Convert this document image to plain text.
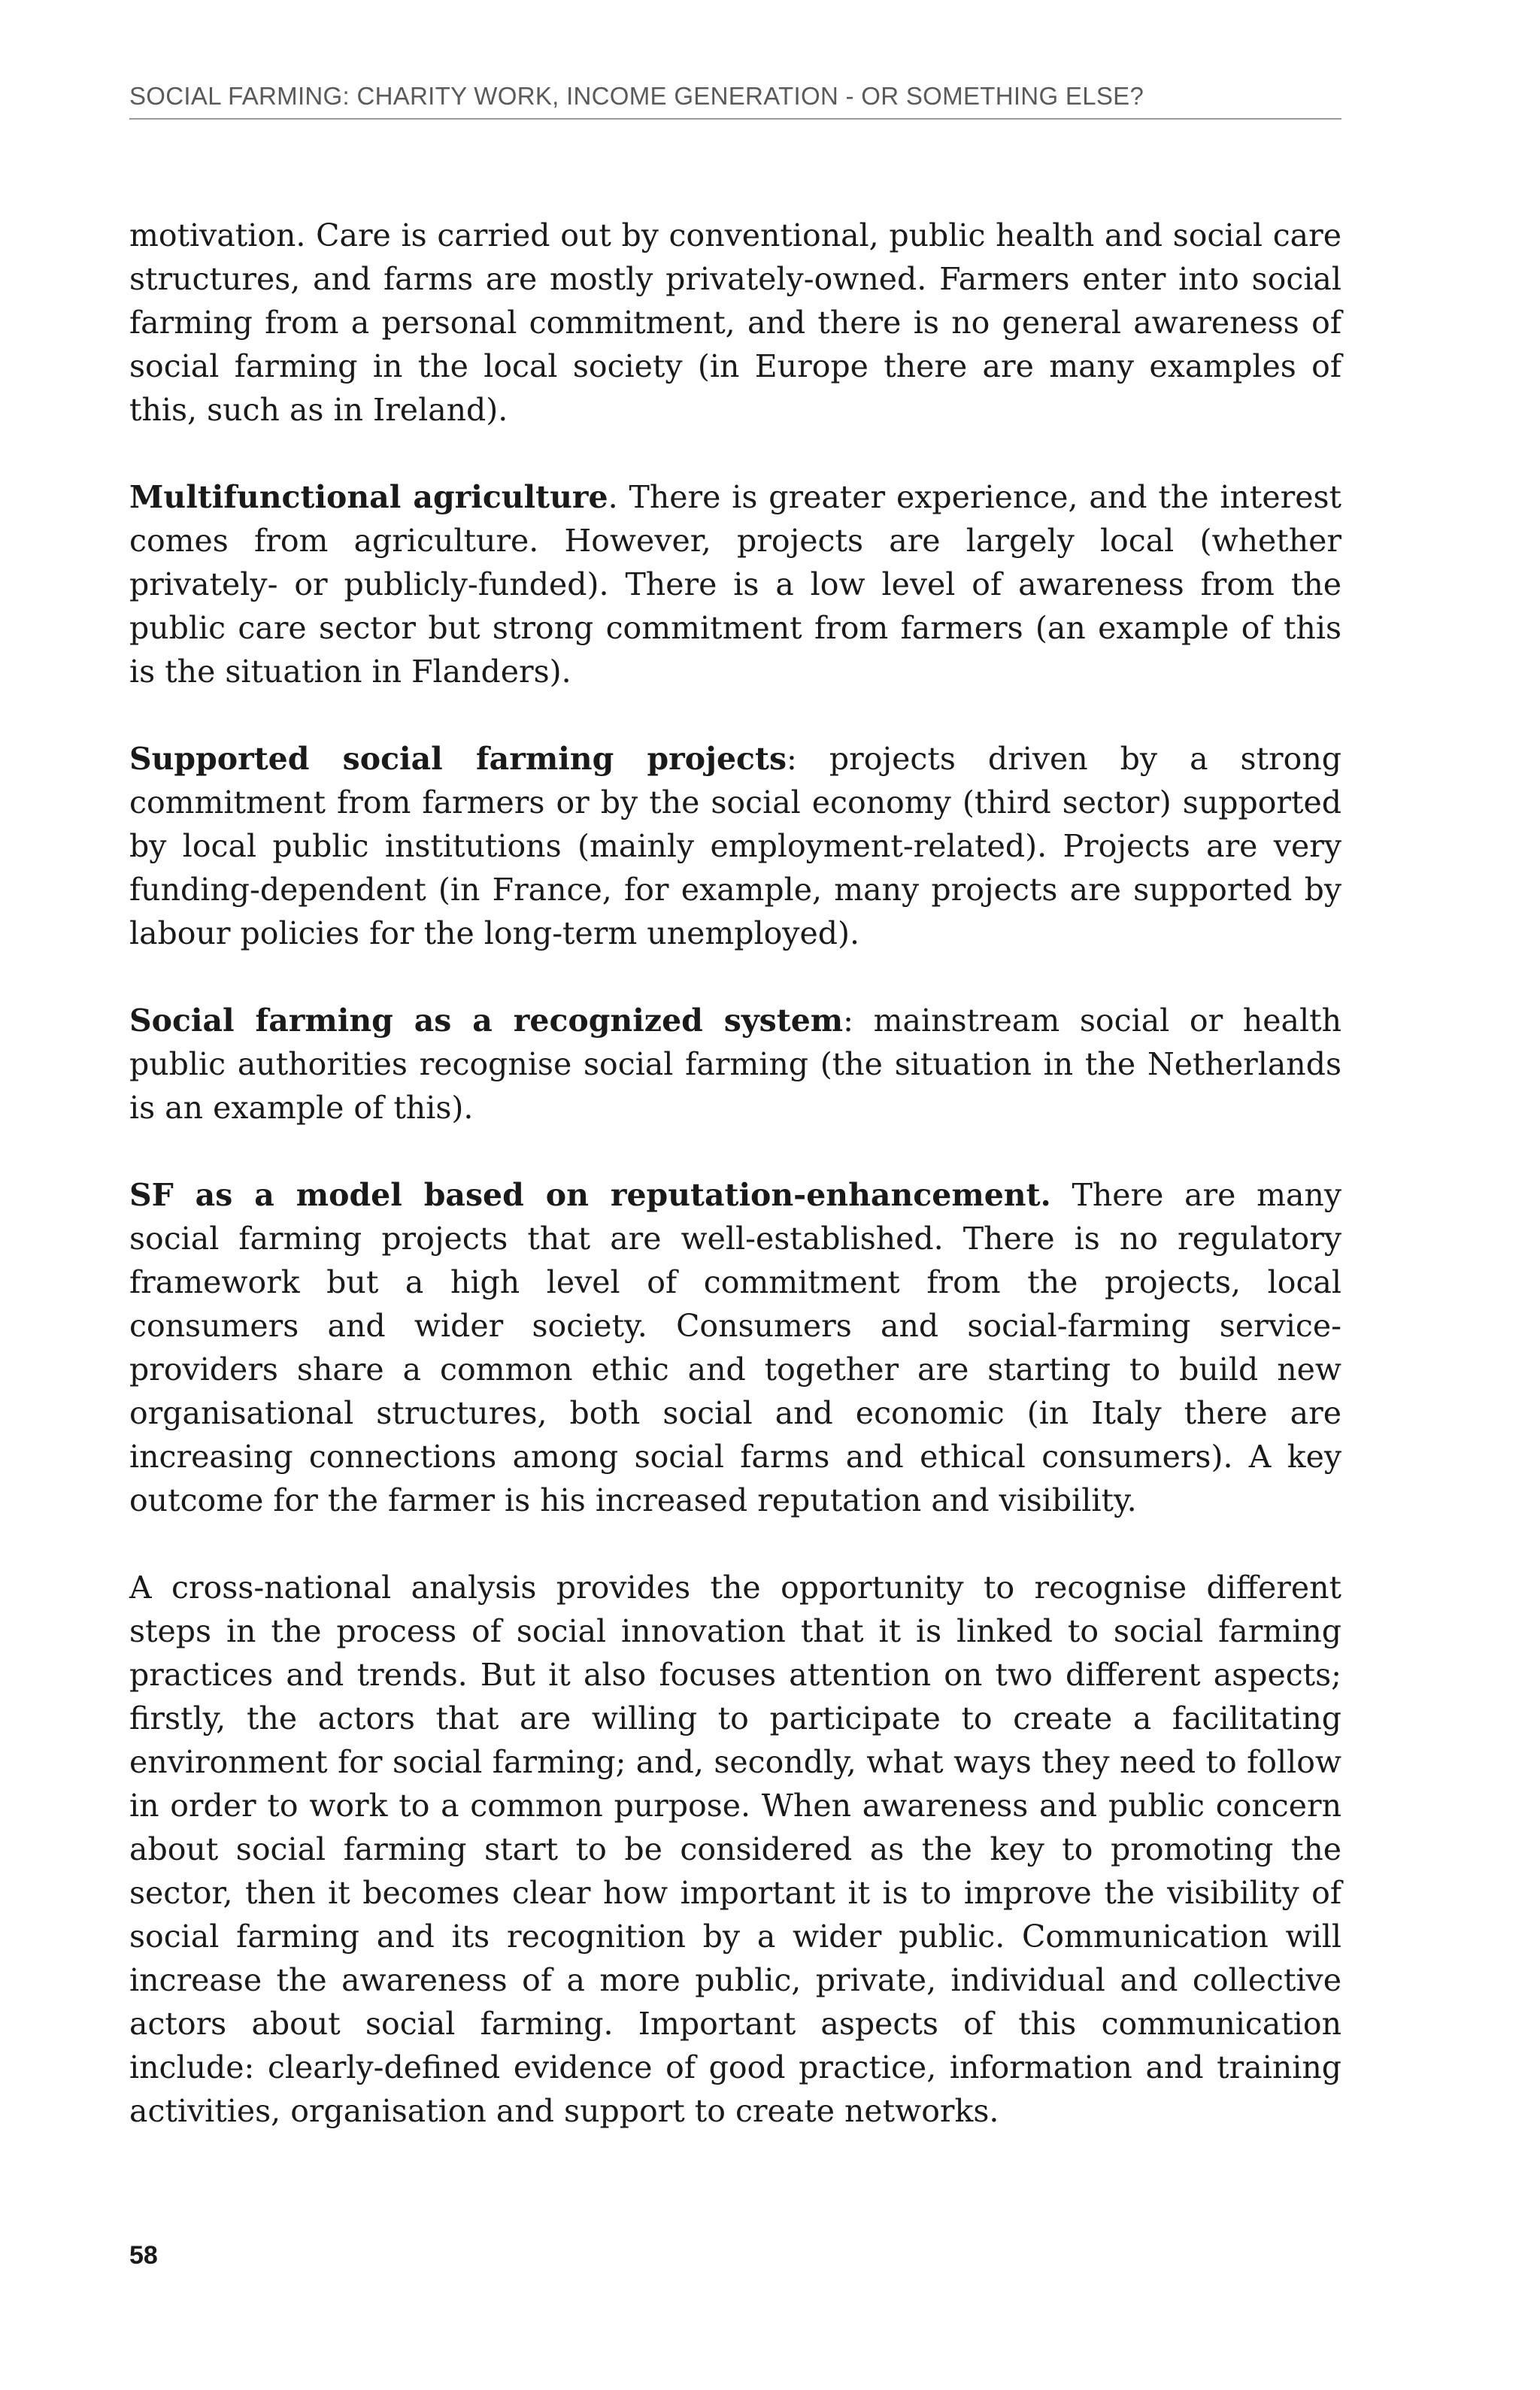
SOCIAL FARMING: CHARITY WORK, INCOME GENERATION - OR SOMETHING ELSE?

motivation. Care is carried out by conventional, public health and social care structures, and farms are mostly privately-owned. Farmers enter into social farming from a personal commitment, and there is no general awareness of social farming in the local society (in Europe there are many examples of this, such as in Ireland).

Multifunctional agriculture. There is greater experience, and the interest comes from agriculture. However, projects are largely local (whether privately- or publicly-funded). There is a low level of awareness from the public care sector but strong commitment from farmers (an example of this is the situation in Flanders).

Supported social farming projects: projects driven by a strong commitment from farmers or by the social economy (third sector) supported by local public institutions (mainly employment-related). Projects are very funding-dependent (in France, for example, many projects are supported by labour policies for the long-term unemployed).

Social farming as a recognized system: mainstream social or health public authorities recognise social farming (the situation in the Netherlands is an example of this).

SF as a model based on reputation-enhancement. There are many social farming projects that are well-established. There is no regulatory framework but a high level of commitment from the projects, local consumers and wider society. Consumers and social-farming service-providers share a common ethic and together are starting to build new organisational structures, both social and economic (in Italy there are increasing connections among social farms and ethical consumers). A key outcome for the farmer is his increased reputation and visibility.

A cross-national analysis provides the opportunity to recognise different steps in the process of social innovation that it is linked to social farming practices and trends. But it also focuses attention on two different aspects; firstly, the actors that are willing to participate to create a facilitating environment for social farming; and, secondly, what ways they need to follow in order to work to a common purpose. When awareness and public concern about social farming start to be considered as the key to promoting the sector, then it becomes clear how important it is to improve the visibility of social farming and its recognition by a wider public. Communication will increase the awareness of a more public, private, individual and collective actors about social farming. Important aspects of this communication include: clearly-defined evidence of good practice, information and training activities, organisation and support to create networks.

58
